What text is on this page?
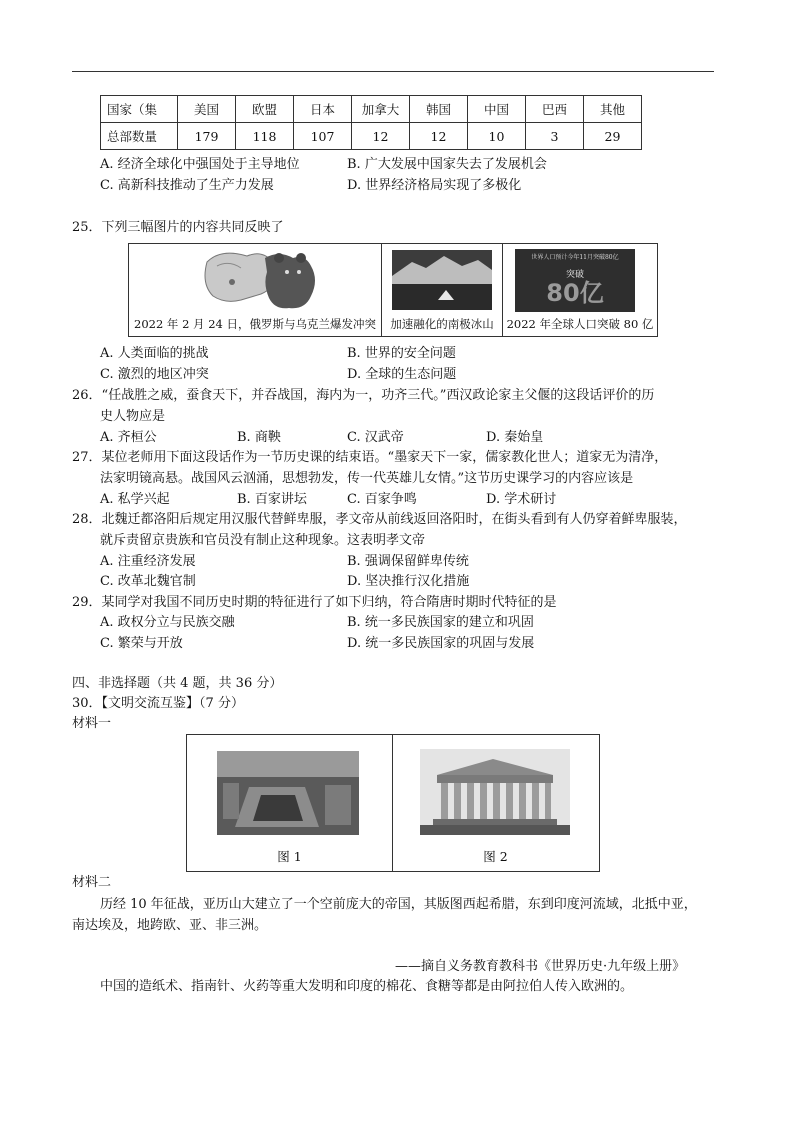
国家（集	美国	欧盟	日本	加拿大	韩国	中国	巴西	其他
总部数量	179	118	107	12	12	10	3	29
A. 经济全球化中强国处于主导地位	B. 广大发展中国家失去了发展机会
C. 高新科技推动了生产力发展	D. 世界经济格局实现了多极化
25．下列三幅图片的内容共同反映了
2022 年 2 月 24 日，俄罗斯与乌克兰爆发冲突	加速融化的南极冰山
世界人口预计今年11月突破80亿
突破
80亿
2022 年全球人口突破 80 亿
A. 人类面临的挑战	B. 世界的安全问题
C. 激烈的地区冲突	D. 全球的生态问题
26．“任战胜之威，蚕食天下，并吞战国，海内为一，功齐三代。”西汉政论家主父偃的这段话评价的历
史人物应是
A. 齐桓公	B. 商鞅	C. 汉武帝	D. 秦始皇
27．某位老师用下面这段话作为一节历史课的结束语。“墨家天下一家，儒家教化世人；道家无为清净，
法家明镜高悬。战国风云汹涌，思想勃发，传一代英雄儿女情。”这节历史课学习的内容应该是
A. 私学兴起	B. 百家讲坛	C. 百家争鸣	D. 学术研讨
28．北魏迁都洛阳后规定用汉服代替鲜卑服，孝文帝从前线返回洛阳时，在街头看到有人仍穿着鲜卑服装，
就斥责留京贵族和官员没有制止这种现象。这表明孝文帝
A. 注重经济发展	B. 强调保留鲜卑传统
C. 改革北魏官制	D. 坚决推行汉化措施
29．某同学对我国不同历史时期的特征进行了如下归纳，符合隋唐时期时代特征的是
A. 政权分立与民族交融	B. 统一多民族国家的建立和巩固
C. 繁荣与开放	D. 统一多民族国家的巩固与发展
四、非选择题（共 4 题，共 36 分）
30．【文明交流互鉴】（7 分）
材料一
图 1	图 2
材料二
历经 10 年征战，亚历山大建立了一个空前庞大的帝国，其版图西起希腊，东到印度河流域，北抵中亚，
南达埃及，地跨欧、亚、非三洲。
——摘自义务教育教科书《世界历史·九年级上册》
中国的造纸术、指南针、火药等重大发明和印度的棉花、食糖等都是由阿拉伯人传入欧洲的。
